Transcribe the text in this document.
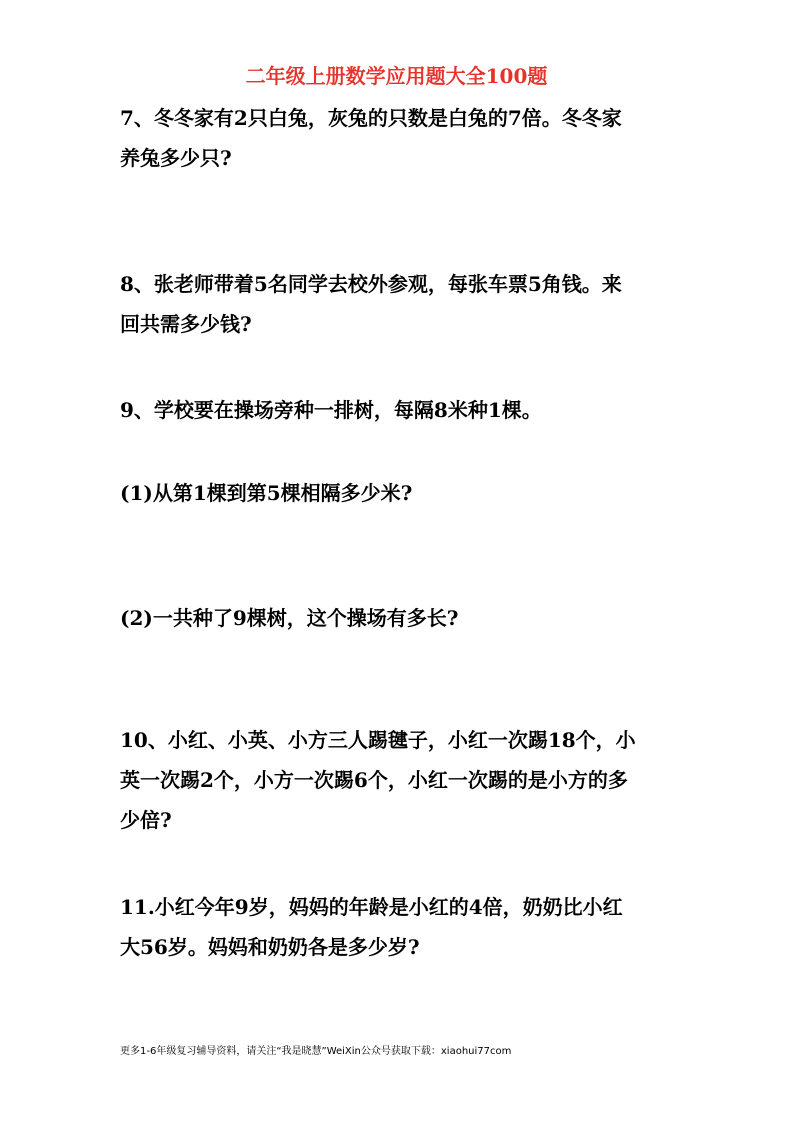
二年级上册数学应用题大全100题
7、冬冬家有2只白兔，灰兔的只数是白兔的7倍。冬冬家
养兔多少只?
8、张老师带着5名同学去校外参观，每张车票5角钱。来
回共需多少钱?
9、学校要在操场旁种一排树，每隔8米种1棵。
(1)从第1棵到第5棵相隔多少米?
(2)一共种了9棵树，这个操场有多长?
10、小红、小英、小方三人踢毽子，小红一次踢18个，小
英一次踢2个，小方一次踢6个，小红一次踢的是小方的多
少倍?
11.小红今年9岁，妈妈的年龄是小红的4倍，奶奶比小红
大56岁。妈妈和奶奶各是多少岁?
更多1-6年级复习辅导资料，请关注“我是晓慧”WeiXin公众号获取下载：xiaohui77com
